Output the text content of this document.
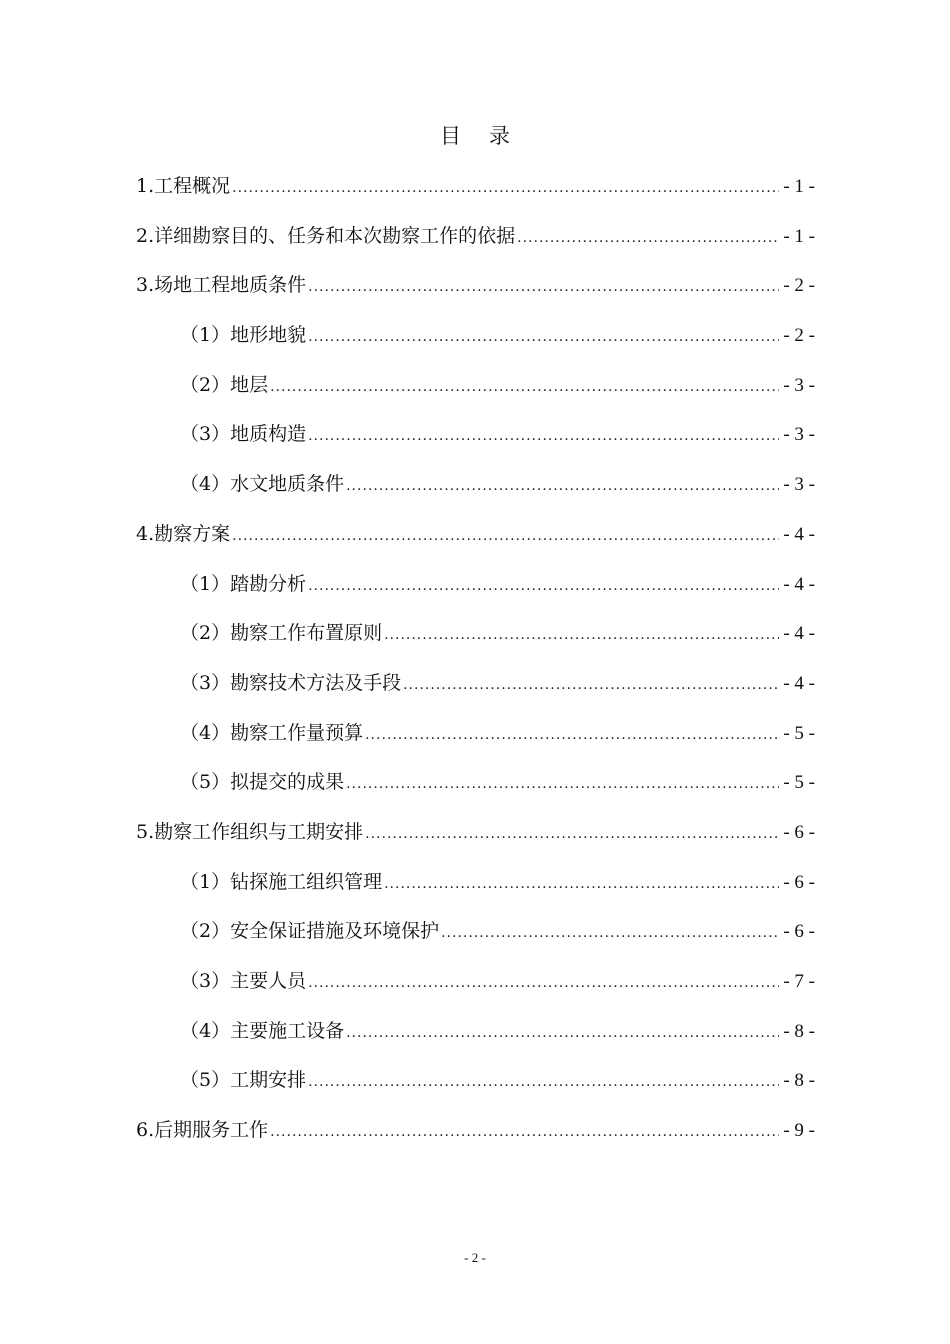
目录
1.工程概况 .....	- 1 -
2.详细勘察目的、任务和本次勘察工作的依据 .....	- 1 -
3.场地工程地质条件 .....	- 2 -
（1）地形地貌 .....	- 2 -
（2）地层 .....	- 3 -
（3）地质构造 .....	- 3 -
（4）水文地质条件 .....	- 3 -
4.勘察方案 .....	- 4 -
（1）踏勘分析 .....	- 4 -
（2）勘察工作布置原则 .....	- 4 -
（3）勘察技术方法及手段 .....	- 4 -
（4）勘察工作量预算 .....	- 5 -
（5）拟提交的成果 .....	- 5 -
5.勘察工作组织与工期安排 .....	- 6 -
（1）钻探施工组织管理 .....	- 6 -
（2）安全保证措施及环境保护 .....	- 6 -
（3）主要人员 .....	- 7 -
（4）主要施工设备 .....	- 8 -
（5）工期安排 .....	- 8 -
6.后期服务工作 .....	- 9 -
- 2 -
